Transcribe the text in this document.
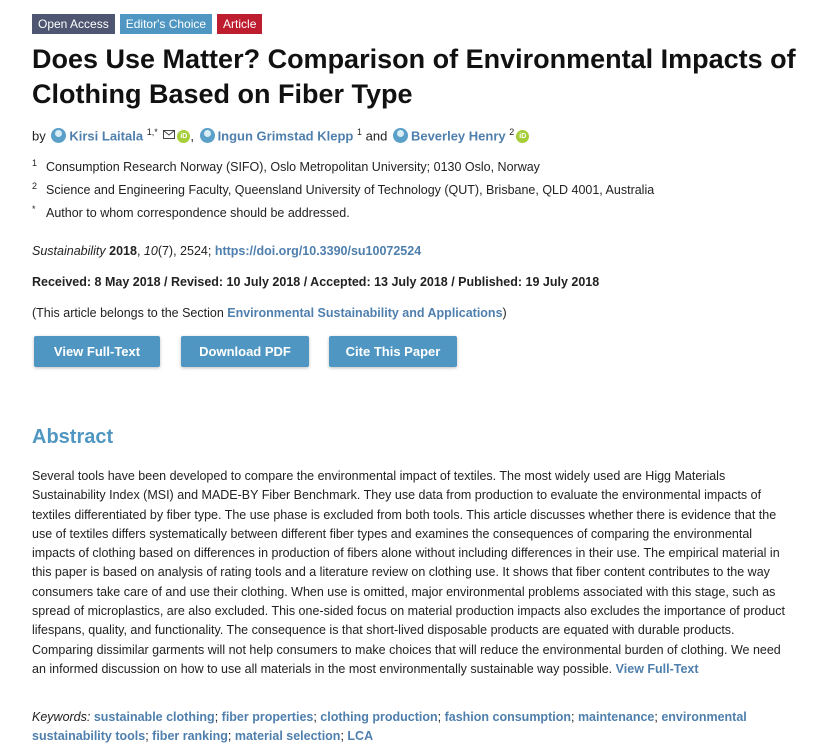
Open Access	Editor's Choice	Article
Does Use Matter? Comparison of Environmental Impacts of Clothing Based on Fiber Type
by Kirsi Laitala $^{1,*}$	iD , Ingun Grimstad Klepp $^1$ and Beverley Henry $^2$ iD
1 Consumption Research Norway (SIFO), Oslo Metropolitan University; 0130 Oslo, Norway
2 Science and Engineering Faculty, Queensland University of Technology (QUT), Brisbane, QLD 4001, Australia
* Author to whom correspondence should be addressed.
Sustainability 2018, 10(7), 2524; https://doi.org/10.3390/su10072524
Received: 8 May 2018 / Revised: 10 July 2018 / Accepted: 13 July 2018 / Published: 19 July 2018
(This article belongs to the Section Environmental Sustainability and Applications)
View Full-Text	Download PDF	Cite This Paper
Abstract

Several tools have been developed to compare the environmental impact of textiles. The most widely used are Higg Materials Sustainability Index (MSI) and MADE-BY Fiber Benchmark. They use data from production to evaluate the environmental impacts of textiles differentiated by fiber type. The use phase is excluded from both tools. This article discusses whether there is evidence that the use of textiles differs systematically between different fiber types and examines the consequences of comparing the environmental impacts of clothing based on differences in production of fibers alone without including differences in their use. The empirical material in this paper is based on analysis of rating tools and a literature review on clothing use. It shows that fiber content contributes to the way consumers take care of and use their clothing. When use is omitted, major environmental problems associated with this stage, such as spread of microplastics, are also excluded. This one-sided focus on material production impacts also excludes the importance of product lifespans, quality, and functionality. The consequence is that short-lived disposable products are equated with durable products. Comparing dissimilar garments will not help consumers to make choices that will reduce the environmental burden of clothing. We need an informed discussion on how to use all materials in the most environmentally sustainable way possible. View Full-Text

Keywords: sustainable clothing; fiber properties; clothing production; fashion consumption; maintenance; environmental sustainability tools; fiber ranking; material selection; LCA
